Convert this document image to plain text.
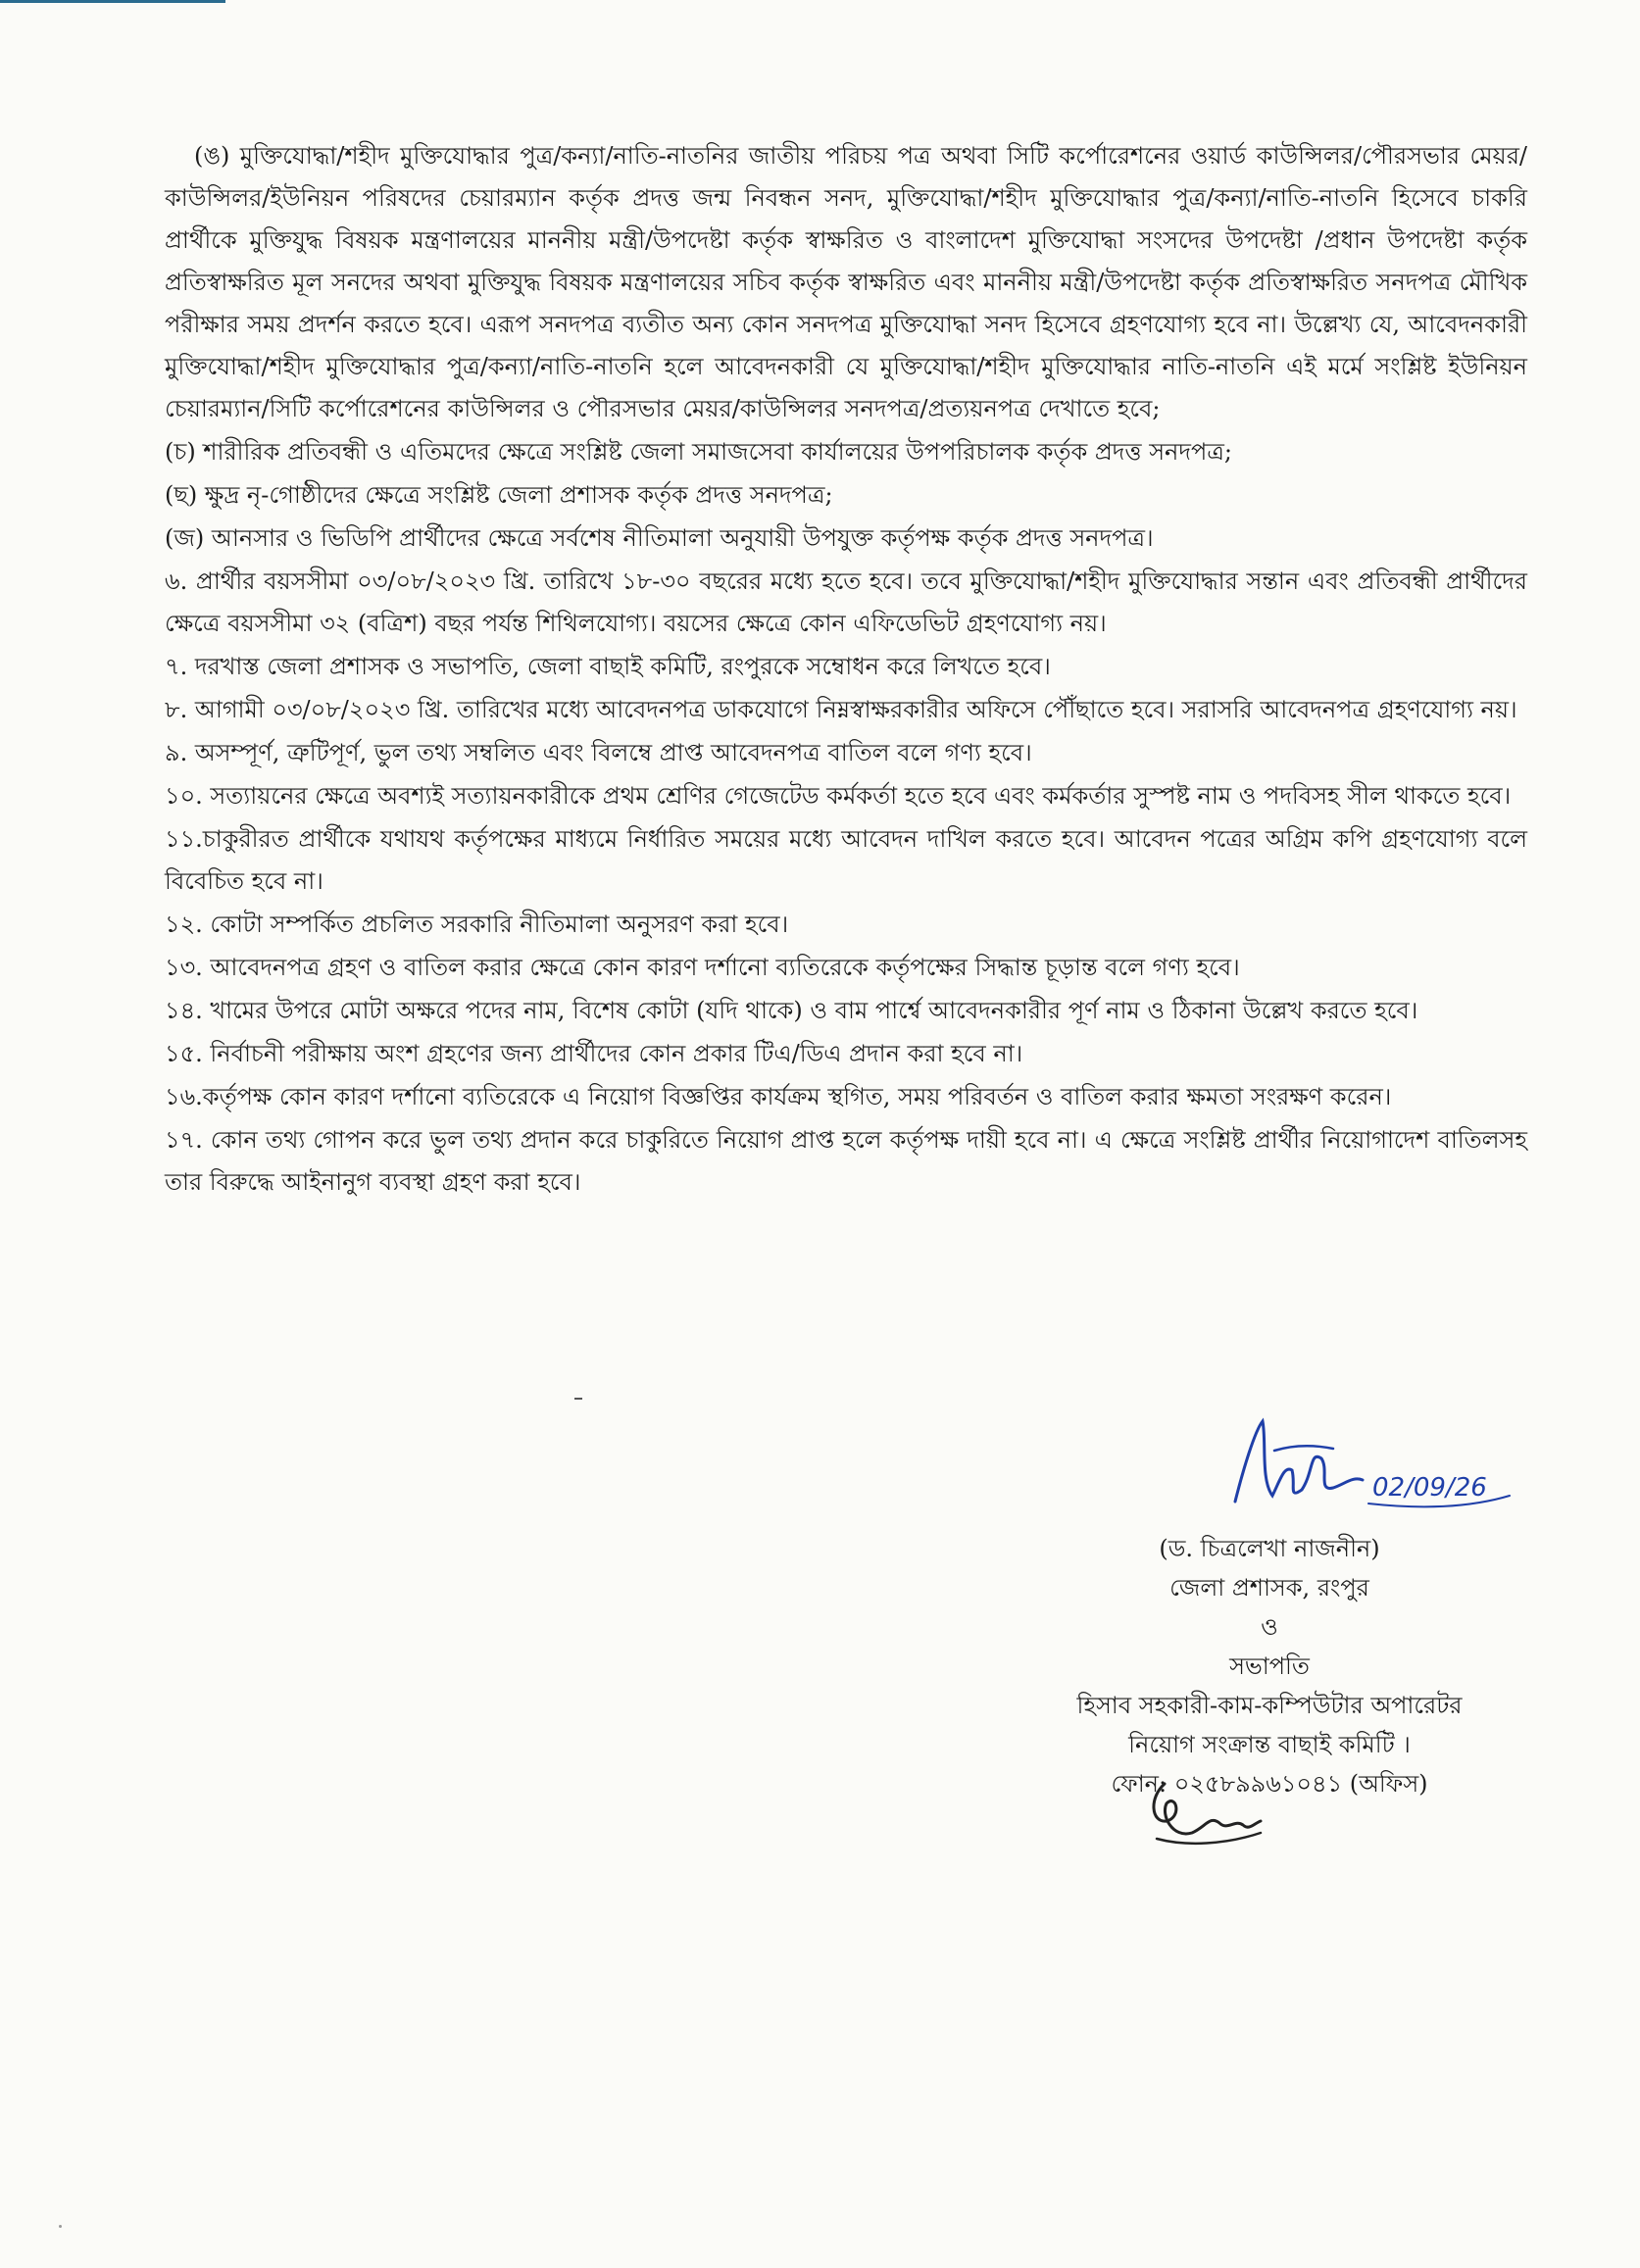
(ঙ) মুক্তিযোদ্ধা/শহীদ মুক্তিযোদ্ধার পুত্র/কন্যা/নাতি-নাতনির জাতীয় পরিচয় পত্র অথবা সিটি কর্পোরেশনের ওয়ার্ড কাউন্সিলর/পৌরসভার মেয়র/কাউন্সিলর/ইউনিয়ন পরিষদের চেয়ারম্যান কর্তৃক প্রদত্ত জন্ম নিবন্ধন সনদ, মুক্তিযোদ্ধা/শহীদ মুক্তিযোদ্ধার পুত্র/কন্যা/নাতি-নাতনি হিসেবে চাকরি প্রার্থীকে মুক্তিযুদ্ধ বিষয়ক মন্ত্রণালয়ের মাননীয় মন্ত্রী/উপদেষ্টা কর্তৃক স্বাক্ষরিত ও বাংলাদেশ মুক্তিযোদ্ধা সংসদের উপদেষ্টা /প্রধান উপদেষ্টা কর্তৃক প্রতিস্বাক্ষরিত মূল সনদের অথবা মুক্তিযুদ্ধ বিষয়ক মন্ত্রণালয়ের সচিব কর্তৃক স্বাক্ষরিত এবং মাননীয় মন্ত্রী/উপদেষ্টা কর্তৃক প্রতিস্বাক্ষরিত সনদপত্র মৌখিক পরীক্ষার সময় প্রদর্শন করতে হবে। এরূপ সনদপত্র ব্যতীত অন্য কোন সনদপত্র মুক্তিযোদ্ধা সনদ হিসেবে গ্রহণযোগ্য হবে না। উল্লেখ্য যে, আবেদনকারী মুক্তিযোদ্ধা/শহীদ মুক্তিযোদ্ধার পুত্র/কন্যা/নাতি-নাতনি হলে আবেদনকারী যে মুক্তিযোদ্ধা/শহীদ মুক্তিযোদ্ধার নাতি-নাতনি এই মর্মে সংশ্লিষ্ট ইউনিয়ন চেয়ারম্যান/সিটি কর্পোরেশনের কাউন্সিলর ও পৌরসভার মেয়র/কাউন্সিলর সনদপত্র/প্রত্যয়নপত্র দেখাতে হবে;

(চ) শারীরিক প্রতিবন্ধী ও এতিমদের ক্ষেত্রে সংশ্লিষ্ট জেলা সমাজসেবা কার্যালয়ের উপপরিচালক কর্তৃক প্রদত্ত সনদপত্র;

(ছ) ক্ষুদ্র নৃ-গোষ্ঠীদের ক্ষেত্রে সংশ্লিষ্ট জেলা প্রশাসক কর্তৃক প্রদত্ত সনদপত্র;

(জ) আনসার ও ভিডিপি প্রার্থীদের ক্ষেত্রে সর্বশেষ নীতিমালা অনুযায়ী উপযুক্ত কর্তৃপক্ষ কর্তৃক প্রদত্ত সনদপত্র।

৬. প্রার্থীর বয়সসীমা ০৩/০৮/২০২৩ খ্রি. তারিখে ১৮-৩০ বছরের মধ্যে হতে হবে। তবে মুক্তিযোদ্ধা/শহীদ মুক্তিযোদ্ধার সন্তান এবং প্রতিবন্ধী প্রার্থীদের ক্ষেত্রে বয়সসীমা ৩২ (বত্রিশ) বছর পর্যন্ত শিথিলযোগ্য। বয়সের ক্ষেত্রে কোন এফিডেভিট গ্রহণযোগ্য নয়।

৭. দরখাস্ত জেলা প্রশাসক ও সভাপতি, জেলা বাছাই কমিটি, রংপুরকে সম্বোধন করে লিখতে হবে।

৮. আগামী ০৩/০৮/২০২৩ খ্রি. তারিখের মধ্যে আবেদনপত্র ডাকযোগে নিম্নস্বাক্ষরকারীর অফিসে পৌঁছাতে হবে। সরাসরি আবেদনপত্র গ্রহণযোগ্য নয়।

৯. অসম্পূর্ণ, ত্রুটিপূর্ণ, ভুল তথ্য সম্বলিত এবং বিলম্বে প্রাপ্ত আবেদনপত্র বাতিল বলে গণ্য হবে।

১০. সত্যায়নের ক্ষেত্রে অবশ্যই সত্যায়নকারীকে প্রথম শ্রেণির গেজেটেড কর্মকর্তা হতে হবে এবং কর্মকর্তার সুস্পষ্ট নাম ও পদবিসহ সীল থাকতে হবে।

১১.চাকুরীরত প্রার্থীকে যথাযথ কর্তৃপক্ষের মাধ্যমে নির্ধারিত সময়ের মধ্যে আবেদন দাখিল করতে হবে। আবেদন পত্রের অগ্রিম কপি গ্রহণযোগ্য বলে বিবেচিত হবে না।

১২. কোটা সম্পর্কিত প্রচলিত সরকারি নীতিমালা অনুসরণ করা হবে।

১৩. আবেদনপত্র গ্রহণ ও বাতিল করার ক্ষেত্রে কোন কারণ দর্শানো ব্যতিরেকে কর্তৃপক্ষের সিদ্ধান্ত চূড়ান্ত বলে গণ্য হবে।

১৪. খামের উপরে মোটা অক্ষরে পদের নাম, বিশেষ কোটা (যদি থাকে) ও বাম পার্শ্বে আবেদনকারীর পূর্ণ নাম ও ঠিকানা উল্লেখ করতে হবে।

১৫. নির্বাচনী পরীক্ষায় অংশ গ্রহণের জন্য প্রার্থীদের কোন প্রকার টিএ/ডিএ প্রদান করা হবে না।

১৬.কর্তৃপক্ষ কোন কারণ দর্শানো ব্যতিরেকে এ নিয়োগ বিজ্ঞপ্তির কার্যক্রম স্থগিত, সময় পরিবর্তন ও বাতিল করার ক্ষমতা সংরক্ষণ করেন।

১৭. কোন তথ্য গোপন করে ভুল তথ্য প্রদান করে চাকুরিতে নিয়োগ প্রাপ্ত হলে কর্তৃপক্ষ দায়ী হবে না। এ ক্ষেত্রে সংশ্লিষ্ট প্রার্থীর নিয়োগাদেশ বাতিলসহ তার বিরুদ্ধে আইনানুগ ব্যবস্থা গ্রহণ করা হবে।

02/09/26
(ড. চিত্রলেখা নাজনীন)
জেলা প্রশাসক, রংপুর
ও
সভাপতি
হিসাব সহকারী-কাম-কম্পিউটার অপারেটর
নিয়োগ সংক্রান্ত বাছাই কমিটি ।
ফোন: ০২৫৮৯৯৬১০৪১ (অফিস)
